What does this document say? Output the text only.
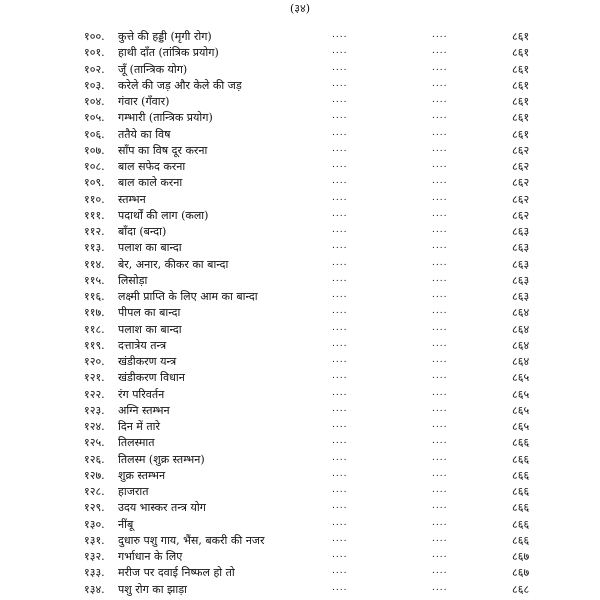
(३४)
१००.	कुत्ते की हड्डी (मृगी रोग)	....	....	८६१
१०१.	हाथी दाँत (तांत्रिक प्रयोग)	....	....	८६१
१०२.	जूँ (तान्त्रिक योग)	....	....	८६१
१०३.	करेले की जड़ और केले की जड़	....	....	८६१
१०४.	गंवार (गँवार)	....	....	८६१
१०५.	गम्भारी (तान्त्रिक प्रयोग)	....	....	८६१
१०६.	ततैये का विष	....	....	८६१
१०७.	साँप का विष दूर करना	....	....	८६२
१०८.	बाल सफेद करना	....	....	८६२
१०९.	बाल काले करना	....	....	८६२
११०.	स्तम्भन	....	....	८६२
१११.	पदार्थों की लाग (कला)	....	....	८६२
११२.	बाँदा (बन्दा)	....	....	८६३
११३.	पलाश का बान्दा	....	....	८६३
११४.	बेर, अनार, कीकर का बान्दा	....	....	८६३
११५.	लिसोड़ा	....	....	८६३
११६.	लक्ष्मी प्राप्ति के लिए आम का बान्दा	....	....	८६३
११७.	पीपल का बान्दा	....	....	८६४
११८.	पलाश का बान्दा	....	....	८६४
११९.	दत्तात्रेय तन्त्र	....	....	८६४
१२०.	खंडीकरण यन्त्र	....	....	८६४
१२१.	खंडीकरण विधान	....	....	८६५
१२२.	रंग परिवर्तन	....	....	८६५
१२३.	अग्नि स्तम्भन	....	....	८६५
१२४.	दिन में तारे	....	....	८६५
१२५.	तिलस्मात	....	....	८६६
१२६.	तिलस्म (शुक्र स्तम्भन)	....	....	८६६
१२७.	शुक्र स्तम्भन	....	....	८६६
१२८.	हाजरात	....	....	८६६
१२९.	उदय भास्कर तन्त्र योग	....	....	८६६
१३०.	नींबू	....	....	८६६
१३१.	दुधारु पशु गाय, भैंस, बकरी की नजर	....	....	८६६
१३२.	गर्भाधान के लिए	....	....	८६७
१३३.	मरीज पर दवाई निष्फल हो तो	....	....	८६७
१३४.	पशु रोग का झाड़ा	....	....	८६८
